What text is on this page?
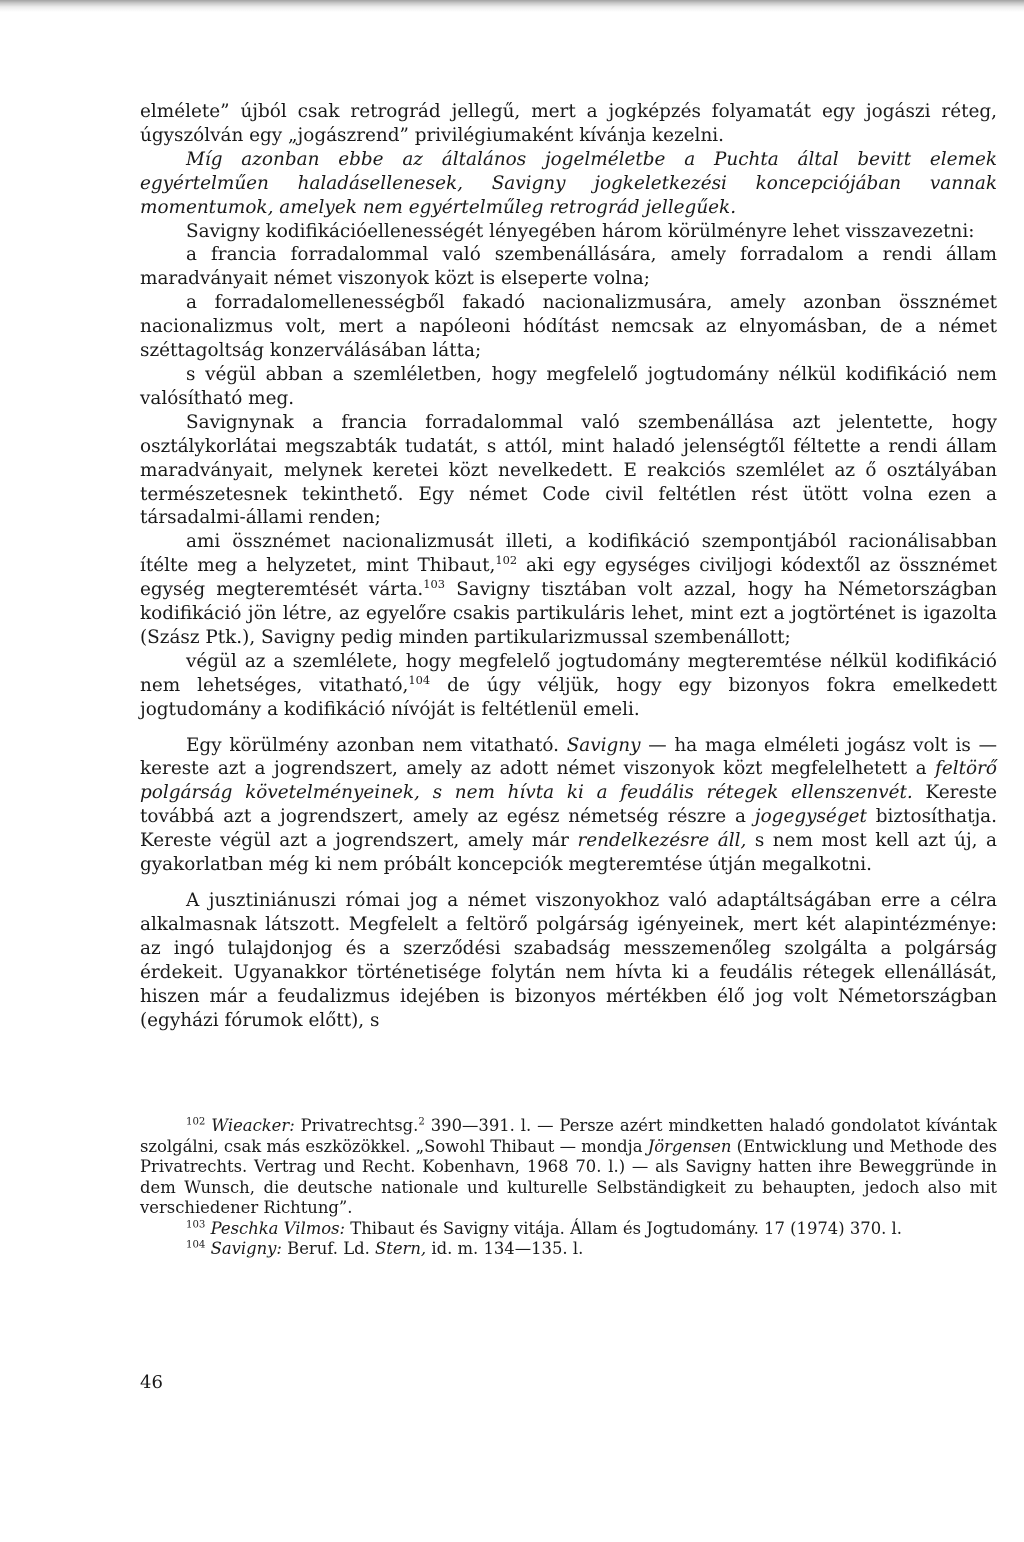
elmélete” újból csak retrográd jellegű, mert a jogképzés folyamatát egy jogászi réteg, úgyszólván egy „jogászrend” privilégiumaként kívánja kezelni.

Míg azonban ebbe az általános jogelméletbe a Puchta által bevitt elemek egyértelműen haladásellenesek, Savigny jogkeletkezési koncepciójában vannak momentumok, amelyek nem egyértelműleg retrográd jellegűek.

Savigny kodifikációellenességét lényegében három körülményre lehet visszavezetni:

a francia forradalommal való szembenállására, amely forradalom a rendi állam maradványait német viszonyok közt is elseperte volna;

a forradalomellenességből fakadó nacionalizmusára, amely azonban össznémet nacionalizmus volt, mert a napóleoni hódítást nemcsak az elnyomásban, de a német széttagoltság konzerválásában látta;

s végül abban a szemléletben, hogy megfelelő jogtudomány nélkül kodifikáció nem valósítható meg.

Savignynak a francia forradalommal való szembenállása azt jelentette, hogy osztálykorlátai megszabták tudatát, s attól, mint haladó jelenségtől féltette a rendi állam maradványait, melynek keretei közt nevelkedett. E reakciós szemlélet az ő osztályában természetesnek tekinthető. Egy német Code civil feltétlen rést ütött volna ezen a társadalmi-állami renden;

ami össznémet nacionalizmusát illeti, a kodifikáció szempontjából racionálisabban ítélte meg a helyzetet, mint Thibaut,$^{102}$ aki egy egységes civiljogi kódextől az össznémet egység megteremtését várta.$^{103}$ Savigny tisztában volt azzal, hogy ha Németországban kodifikáció jön létre, az egyelőre csakis partikuláris lehet, mint ezt a jogtörténet is igazolta (Szász Ptk.), Savigny pedig minden partikularizmussal szembenállott;

végül az a szemlélete, hogy megfelelő jogtudomány megteremtése nélkül kodifikáció nem lehetséges, vitatható,$^{104}$ de úgy véljük, hogy egy bizonyos fokra emelkedett jogtudomány a kodifikáció nívóját is feltétlenül emeli.

Egy körülmény azonban nem vitatható. Savigny — ha maga elméleti jogász volt is — kereste azt a jogrendszert, amely az adott német viszonyok közt megfelelhetett a feltörő polgárság követelményeinek, s nem hívta ki a feudális rétegek ellenszenvét. Kereste továbbá azt a jogrendszert, amely az egész németség részre a jogegységet biztosíthatja. Kereste végül azt a jogrendszert, amely már rendelkezésre áll, s nem most kell azt új, a gyakorlatban még ki nem próbált koncepciók megteremtése útján megalkotni.

A jusztiniánuszi római jog a német viszonyokhoz való adaptáltságában erre a célra alkalmasnak látszott. Megfelelt a feltörő polgárság igényeinek, mert két alapintézménye: az ingó tulajdonjog és a szerződési szabadság messzemenőleg szolgálta a polgárság érdekeit. Ugyanakkor történetisége folytán nem hívta ki a feudális rétegek ellenállását, hiszen már a feudalizmus idejében is bizonyos mértékben élő jog volt Németországban (egyházi fórumok előtt), s

$^{102}$ Wieacker: Privatrechtsg.$^2$ 390—391. l. — Persze azért mindketten haladó gondolatot kívántak szolgálni, csak más eszközökkel. „Sowohl Thibaut — mondja Jörgensen (Entwicklung und Methode des Privatrechts. Vertrag und Recht. Kobenhavn, 1968 70. l.) — als Savigny hatten ihre Beweggründe in dem Wunsch, die deutsche nationale und kulturelle Selbständigkeit zu behaupten, jedoch also mit verschiedener Richtung”.

$^{103}$ Peschka Vilmos: Thibaut és Savigny vitája. Állam és Jogtudomány. 17 (1974) 370. l.

$^{104}$ Savigny: Beruf. Ld. Stern, id. m. 134—135. l.

46
